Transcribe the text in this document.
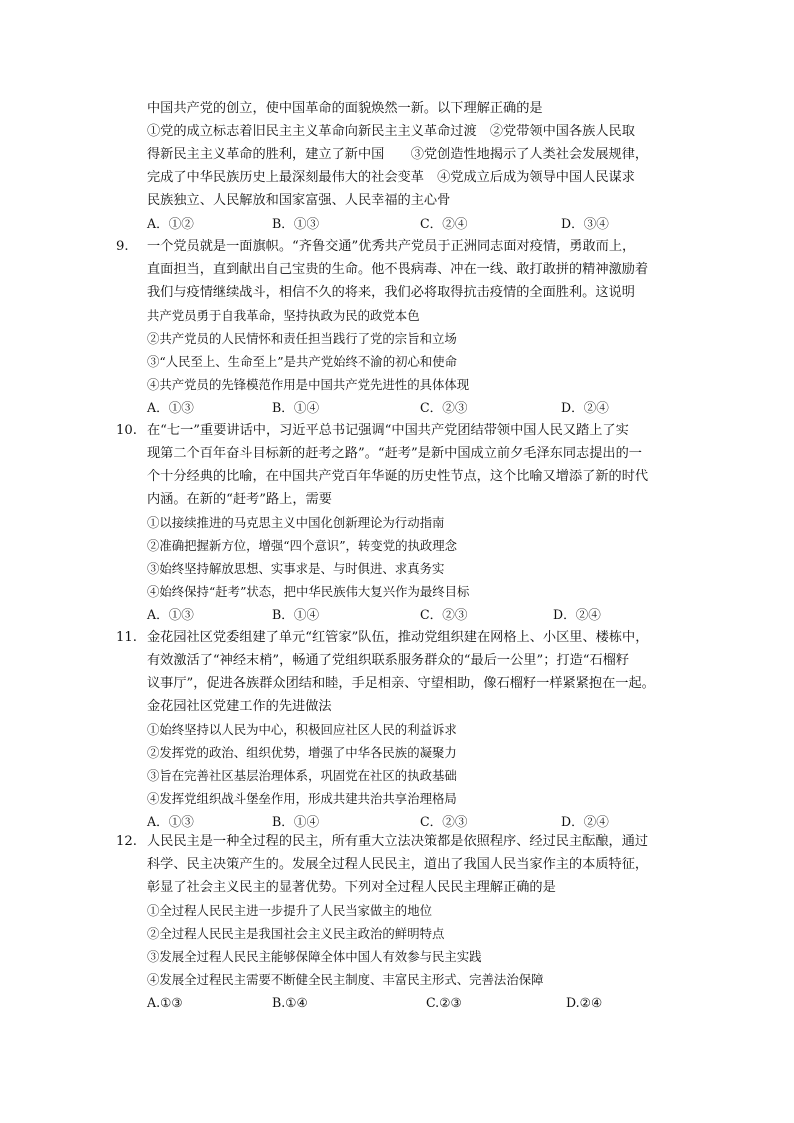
中国共产党的创立，使中国革命的面貌焕然一新。以下理解正确的是
①党的成立标志着旧民主主义革命向新民主主义革命过渡　②党带领中国各族人民取
得新民主主义革命的胜利，建立了新中国　　③党创造性地揭示了人类社会发展规律，
完成了中华民族历史上最深刻最伟大的社会变革　④党成立后成为领导中国人民谋求
民族独立、人民解放和国家富强、人民幸福的主心骨
A．①②	B．①③	C．②④	D．③④
9. 一个党员就是一面旗帜。“齐鲁交通”优秀共产党员于正洲同志面对疫情，勇敢而上，
直面担当，直到献出自己宝贵的生命。他不畏病毒、冲在一线、敢打敢拼的精神激励着
我们与疫情继续战斗，相信不久的将来，我们必将取得抗击疫情的全面胜利。这说明
共产党员勇于自我革命，坚持执政为民的政党本色
②共产党员的人民情怀和责任担当践行了党的宗旨和立场
③“人民至上、生命至上”是共产党始终不渝的初心和使命
④共产党员的先锋模范作用是中国共产党先进性的具体体现
A．①③	B．①④	C．②③	D．②④
10. 在“七一”重要讲话中，习近平总书记强调“中国共产党团结带领中国人民又踏上了实
现第二个百年奋斗目标新的赶考之路”。“赶考”是新中国成立前夕毛泽东同志提出的一
个十分经典的比喻，在中国共产党百年华诞的历史性节点，这个比喻又增添了新的时代
内涵。在新的“赶考”路上，需要
①以接续推进的马克思主义中国化创新理论为行动指南
②准确把握新方位，增强“四个意识”，转变党的执政理念
③始终坚持解放思想、实事求是、与时俱进、求真务实
④始终保持“赶考”状态，把中华民族伟大复兴作为最终目标
A．①③	B．①④	C．②③	D．②④
11. 金花园社区党委组建了单元“红管家”队伍，推动党组织建在网格上、小区里、楼栋中，
有效激活了“神经末梢”，畅通了党组织联系服务群众的“最后一公里”；打造“石榴籽
议事厅”，促进各族群众团结和睦，手足相亲、守望相助，像石榴籽一样紧紧抱在一起。
金花园社区党建工作的先进做法
①始终坚持以人民为中心，积极回应社区人民的利益诉求
②发挥党的政治、组织优势，增强了中华各民族的凝聚力
③旨在完善社区基层治理体系，巩固党在社区的执政基础
④发挥党组织战斗堡垒作用，形成共建共治共享治理格局
A．①③	B．①④	C．②③	D．②④
12. 人民民主是一种全过程的民主，所有重大立法决策都是依照程序、经过民主酝酿，通过
科学、民主决策产生的。发展全过程人民民主，道出了我国人民当家作主的本质特征，
彰显了社会主义民主的显著优势。下列对全过程人民民主理解正确的是
①全过程人民民主进一步提升了人民当家做主的地位
②全过程人民民主是我国社会主义民主政治的鲜明特点
③发展全过程人民民主能够保障全体中国人有效参与民主实践
④发展全过程民主需要不断健全民主制度、丰富民主形式、完善法治保障
A.①③	B.①④	C.②③	D.②④
